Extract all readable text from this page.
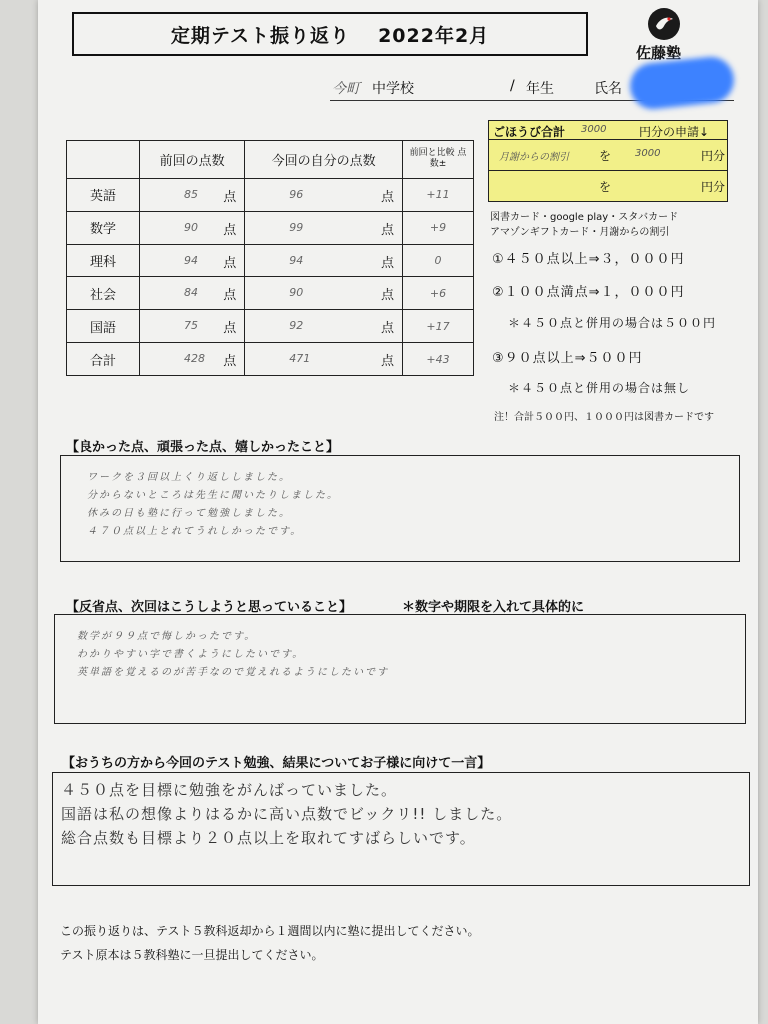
定期テスト振り返り 2022年2月
佐藤塾
今町 中学校	/ 年生	氏名
	前回の点数	今回の自分の点数	前回と比較 点数±
英語	85 点	96 点	+11
数学	90 点	99 点	+9
理科	94 点	94 点	0
社会	84 点	90 点	+6
国語	75 点	92 点	+17
合計	428 点	471 点	+43
ごほうび合計 3000	円分の申請↓
月謝からの割引	を 3000	円分
を	円分
図書カード・google play・スタバカード
アマゾンギフトカード・月謝からの割引
①４５０点以上⇒３，０００円
②１００点満点⇒１，０００円
＊４５０点と併用の場合は５００円
③９０点以上⇒５００円
＊４５０点と併用の場合は無し
注！合計５００円、１０００円は図書カードです
【良かった点、頑張った点、嬉しかったこと】
ワークを３回以上くり返ししました。
分からないところは先生に聞いたりしました。
休みの日も塾に行って勉強しました。
４７０点以上とれてうれしかったです。
【反省点、次回はこうしようと思っていること】	＊数字や期限を入れて具体的に
数学が９９点で悔しかったです。
わかりやすい字で書くようにしたいです。
英単語を覚えるのが苦手なので覚えれるようにしたいです
【おうちの方から今回のテスト勉強、結果についてお子様に向けて一言】
４５０点を目標に勉強をがんばっていました。
国語は私の想像よりはるかに高い点数でビックリ!! しました。
総合点数も目標より２０点以上を取れてすばらしいです。
この振り返りは、テスト５教科返却から１週間以内に塾に提出してください。
テスト原本は５教科塾に一旦提出してください。
